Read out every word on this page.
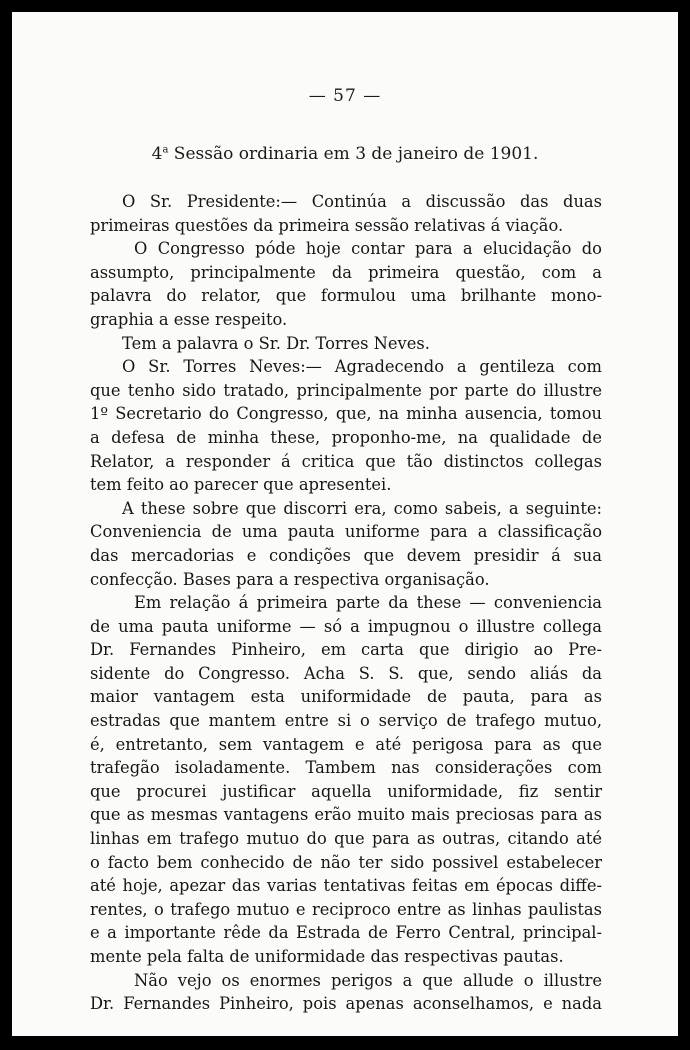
— 57 —
4$^a$ Sessão ordinaria em 3 de janeiro de 1901.

O Sr. Presidente:— Continúa a discussão das duas

primeiras questões da primeira sessão relativas á viação.

O Congresso póde hoje contar para a elucidação do

assumpto, principalmente da primeira questão, com a

palavra do relator, que formulou uma brilhante mono-

graphia a esse respeito.

Tem a palavra o Sr. Dr. Torres Neves.

O Sr. Torres Neves:— Agradecendo a gentileza com

que tenho sido tratado, principalmente por parte do illustre

1º Secretario do Congresso, que, na minha ausencia, tomou

a defesa de minha these, proponho-me, na qualidade de

Relator, a responder á critica que tão distinctos collegas

tem feito ao parecer que apresentei.

A these sobre que discorri era, como sabeis, a seguinte:

Conveniencia de uma pauta uniforme para a classificação

das mercadorias e condições que devem presidir á sua

confecção. Bases para a respectiva organisação.

Em relação á primeira parte da these — conveniencia

de uma pauta uniforme — só a impugnou o illustre collega

Dr. Fernandes Pinheiro, em carta que dirigio ao Pre-

sidente do Congresso. Acha S. S. que, sendo aliás da

maior vantagem esta uniformidade de pauta, para as

estradas que mantem entre si o serviço de trafego mutuo,

é, entretanto, sem vantagem e até perigosa para as que

trafegão isoladamente. Tambem nas considerações com

que procurei justificar aquella uniformidade, fiz sentir

que as mesmas vantagens erão muito mais preciosas para as

linhas em trafego mutuo do que para as outras, citando até

o facto bem conhecido de não ter sido possivel estabelecer

até hoje, apezar das varias tentativas feitas em épocas diffe-

rentes, o trafego mutuo e reciproco entre as linhas paulistas

e a importante rêde da Estrada de Ferro Central, principal-

mente pela falta de uniformidade das respectivas pautas.

Não vejo os enormes perigos a que allude o illustre

Dr. Fernandes Pinheiro, pois apenas aconselhamos, e nada
